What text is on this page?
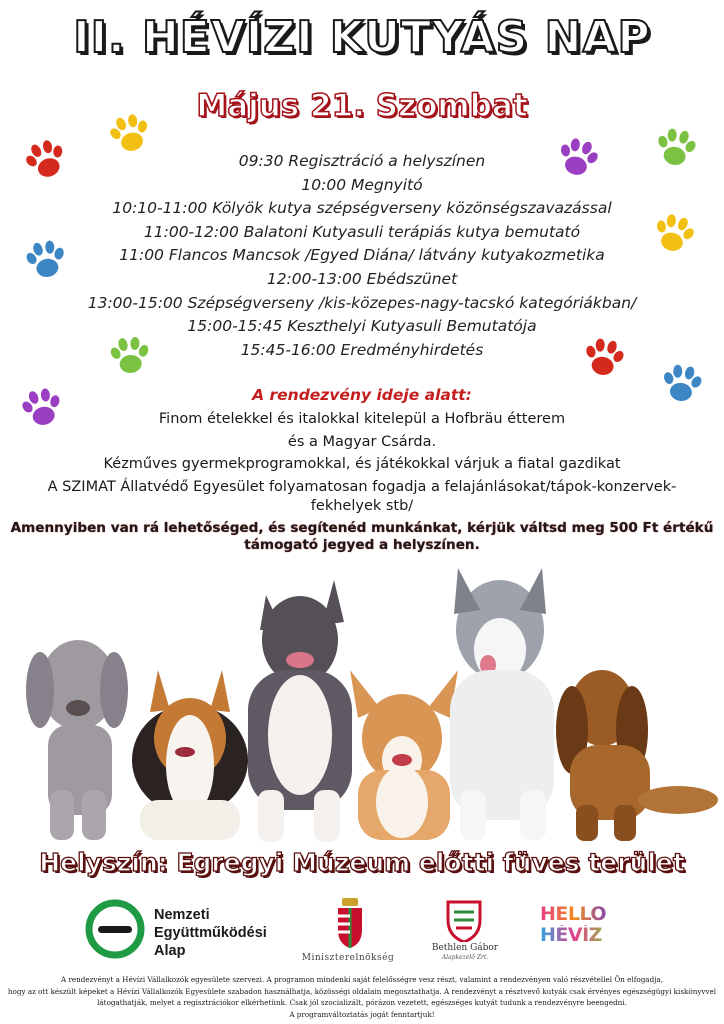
II. HÉVÍZI KUTYÁS NAP
Május 21. Szombat
09:30 Regisztráció a helyszínen
10:00 Megnyitó
10:10-11:00 Kölyök kutya szépségverseny közönségszavazással
11:00-12:00 Balatoni Kutyasuli terápiás kutya bemutató
11:00 Flancos Mancsok /Egyed Diána/ látvány kutyakozmetika
12:00-13:00 Ebédszünet
13:00-15:00 Szépségverseny /kis-közepes-nagy-tacskó kategóriákban/
15:00-15:45 Keszthelyi Kutyasuli Bemutatója
15:45-16:00 Eredményhirdetés
A rendezvény ideje alatt:
Finom ételekkel és italokkal kitelepül a Hofbräu étterem
és a Magyar Csárda.
Kézműves gyermekprogramokkal, és játékokkal várjuk a fiatal gazdikat
A SZIMAT Állatvédő Egyesület folyamatosan fogadja a felajánlásokat/tápok-konzervek-
fekhelyek stb/
Amennyiben van rá lehetőséged, és segítenéd munkánkat, kérjük váltsd meg 500 Ft értékű
támogató jegyed a helyszínen.
Helyszín: Egregyi Múzeum előtti füves terület
Nemzeti
Együttműködési
Alap	Miniszterelnökség
Bethlen Gábor
Alapkezelő Zrt.
HELLO
HÉVÍZ
A rendezvényt a Hévízi Vállalkozók egyesülete szervezi. A programon mindenki saját felelősségre vesz részt, valamint a rendezvényen való részvétellel Ön elfogadja,
hogy az ott készült képeket a Hévízi Vállalkozók Egyesülete szabadon használhatja, közösségi oldalain megosztathatja. A rendezvényt a résztvevő kutyák csak érvényes egészségügyi kiskönyvvel
látogathatják, melyet a regisztrációkor elkérhetünk. Csak jól szocializált, pórázon vezetett, egészséges kutyát tudunk a rendezvényre beengedni.
A programváltoztatás jogát fenntartjuk!
